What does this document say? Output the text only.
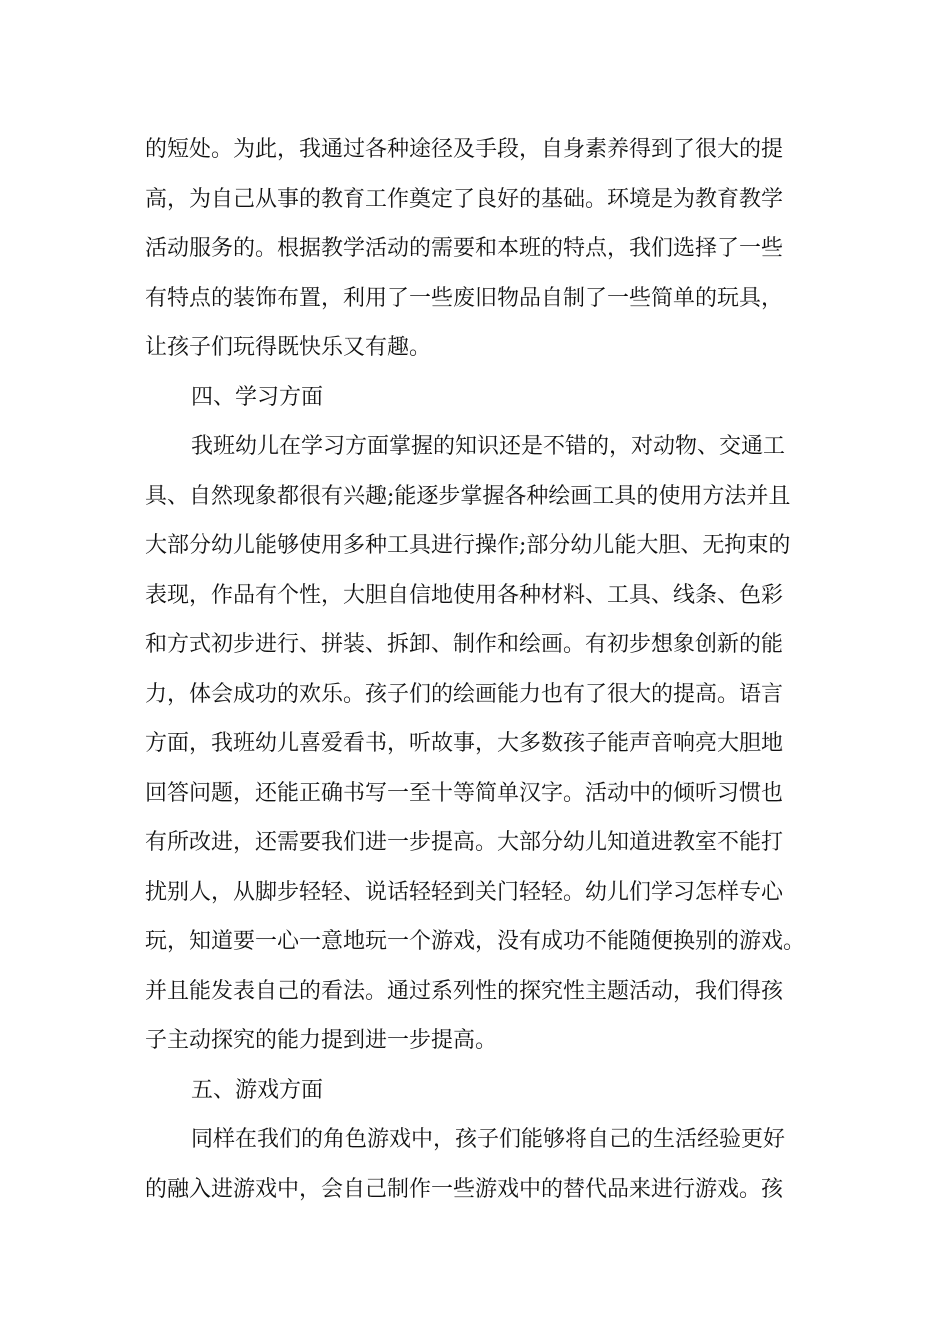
的短处。为此，我通过各种途径及手段，自身素养得到了很大的提
高，为自己从事的教育工作奠定了良好的基础。环境是为教育教学
活动服务的。根据教学活动的需要和本班的特点，我们选择了一些
有特点的装饰布置，利用了一些废旧物品自制了一些简单的玩具，
让孩子们玩得既快乐又有趣。
四、学习方面
我班幼儿在学习方面掌握的知识还是不错的，对动物、交通工
具、自然现象都很有兴趣;能逐步掌握各种绘画工具的使用方法并且
大部分幼儿能够使用多种工具进行操作;部分幼儿能大胆、无拘束的
表现，作品有个性，大胆自信地使用各种材料、工具、线条、色彩
和方式初步进行、拼装、拆卸、制作和绘画。有初步想象创新的能
力，体会成功的欢乐。孩子们的绘画能力也有了很大的提高。语言
方面，我班幼儿喜爱看书，听故事，大多数孩子能声音响亮大胆地
回答问题，还能正确书写一至十等简单汉字。活动中的倾听习惯也
有所改进，还需要我们进一步提高。大部分幼儿知道进教室不能打
扰别人，从脚步轻轻、说话轻轻到关门轻轻。幼儿们学习怎样专心
玩，知道要一心一意地玩一个游戏，没有成功不能随便换别的游戏。
并且能发表自己的看法。通过系列性的探究性主题活动，我们得孩
子主动探究的能力提到进一步提高。
五、游戏方面
同样在我们的角色游戏中，孩子们能够将自己的生活经验更好
的融入进游戏中，会自己制作一些游戏中的替代品来进行游戏。孩
